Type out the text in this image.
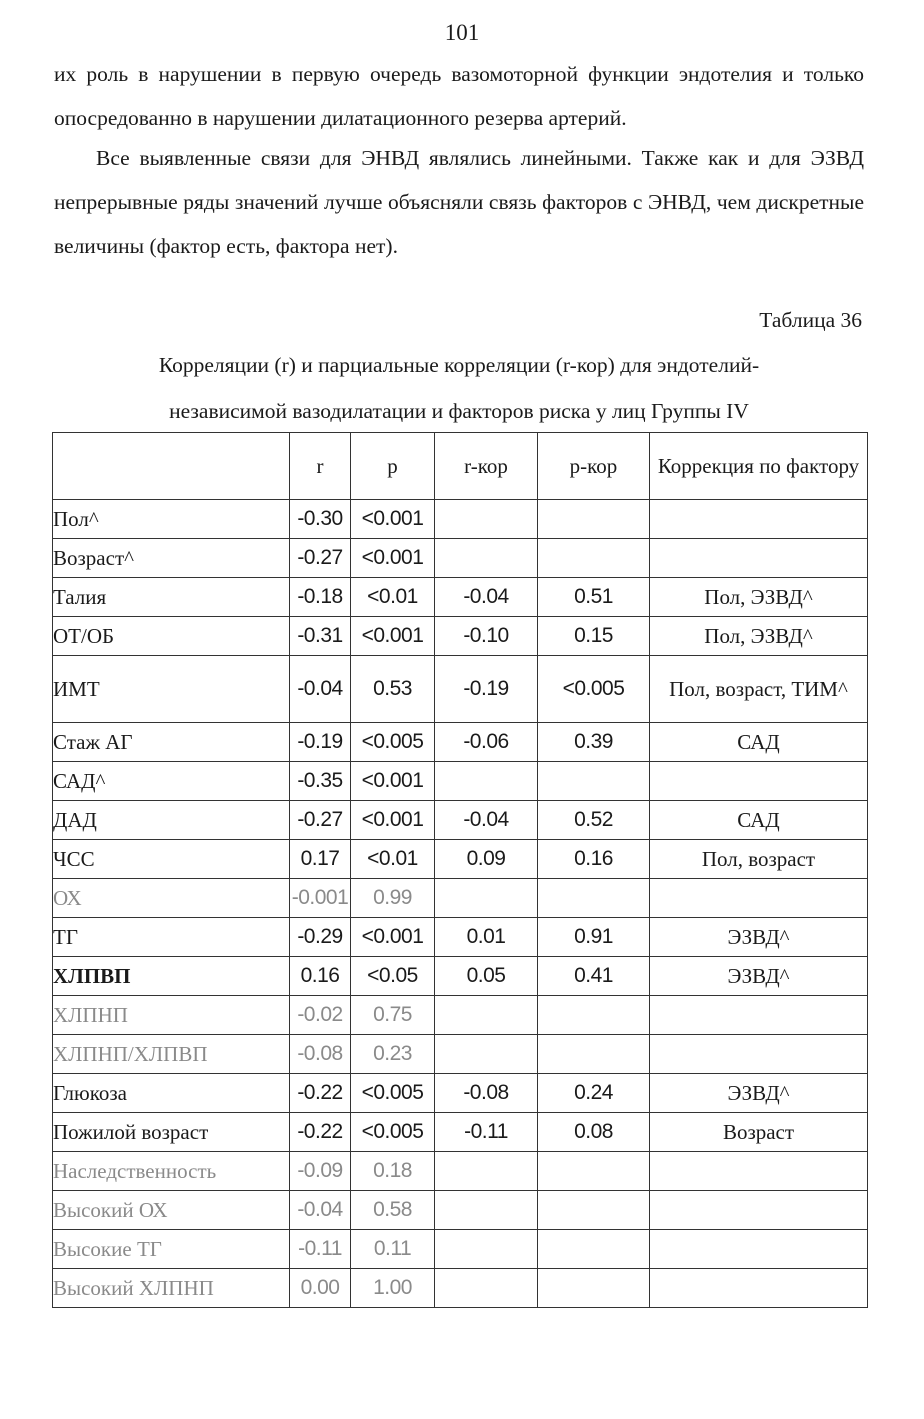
101
их роль в нарушении в первую очередь вазомоторной функции эндотелия и только опосредованно в нарушении дилатационного резерва артерий.
Все выявленные связи для ЭНВД являлись линейными. Также как и для ЭЗВД непрерывные ряды значений лучше объясняли связь факторов с ЭНВД, чем дискретные величины (фактор есть, фактора нет).
Таблица 36
Корреляции (r) и парциальные корреляции (r-кор) для эндотелий-
независимой вазодилатации и факторов риска у лиц Группы IV
	r	p	r-кор	p-кор	Коррекция по фактору
Пол^	-0.30	<0.001			
Возраст^	-0.27	<0.001			
Талия	-0.18	<0.01	-0.04	0.51	Пол, ЭЗВД^
ОТ/ОБ	-0.31	<0.001	-0.10	0.15	Пол, ЭЗВД^
ИМТ	-0.04	0.53	-0.19	<0.005	Пол, возраст, ТИМ^
Стаж АГ	-0.19	<0.005	-0.06	0.39	САД
САД^	-0.35	<0.001			
ДАД	-0.27	<0.001	-0.04	0.52	САД
ЧСС	0.17	<0.01	0.09	0.16	Пол, возраст
ОХ	-0.001	0.99			
ТГ	-0.29	<0.001	0.01	0.91	ЭЗВД^
ХЛПВП	0.16	<0.05	0.05	0.41	ЭЗВД^
ХЛПНП	-0.02	0.75			
ХЛПНП/ХЛПВП	-0.08	0.23			
Глюкоза	-0.22	<0.005	-0.08	0.24	ЭЗВД^
Пожилой возраст	-0.22	<0.005	-0.11	0.08	Возраст
Наследственность	-0.09	0.18			
Высокий ОХ	-0.04	0.58			
Высокие ТГ	-0.11	0.11			
Высокий ХЛПНП	0.00	1.00			
